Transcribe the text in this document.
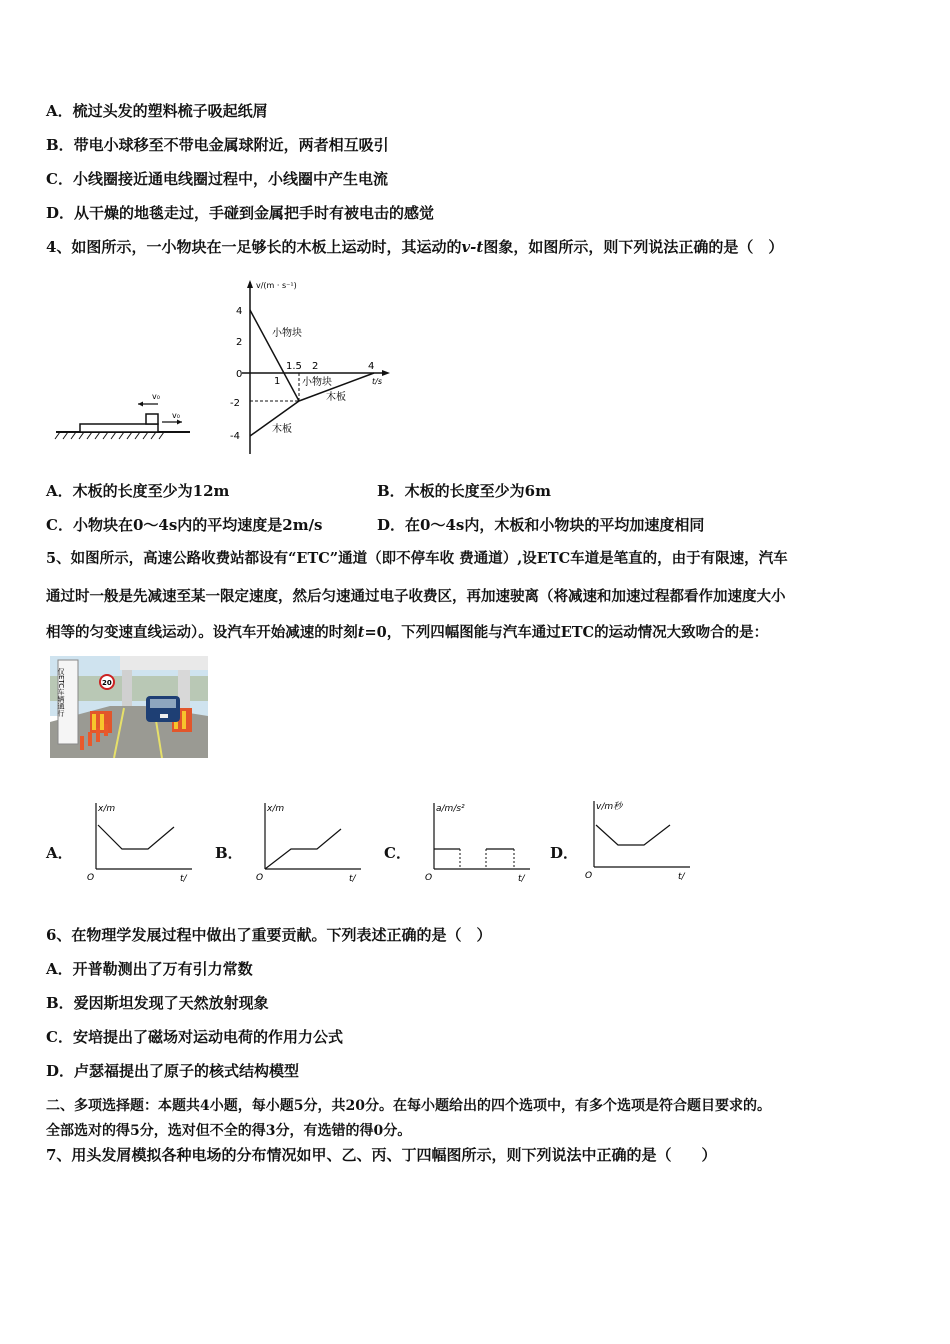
A．梳过头发的塑料梳子吸起纸屑
B．带电小球移至不带电金属球附近，两者相互吸引
C．小线圈接近通电线圈过程中，小线圈中产生电流
D．从干燥的地毯走过，手碰到金属把手时有被电击的感觉
4、如图所示，一小物块在一足够长的木板上运动时，其运动的v-t图象，如图所示，则下列说法正确的是（　）
v₀
v₀
v/(m · s⁻¹)
t/s
4
2
0
-2
-4
1.5 2	4
1
小物块
小物块
木板
木板
A．木板的长度至少为12m	B．木板的长度至少为6m
C．小物块在0～4s内的平均速度是2m/s	D．在0～4s内，木板和小物块的平均加速度相同
5、如图所示，高速公路收费站都设有“ETC”通道（即不停车收 费通道）,设ETC车道是笔直的，由于有限速，汽车
通过时一般是先减速至某一限定速度，然后匀速通过电子收费区，再加速驶离（将减速和加速过程都看作加速度大小
相等的匀变速直线运动）。设汽车开始减速的时刻t=0，下列四幅图能与汽车通过ETC的运动情况大致吻合的是：
仅ETC车辆通行	20
A．
x/m
O	t/
B．
x/m
O	t/
C．
a/m/s²
O	t/
D．
v/m秒
O	t/
6、在物理学发展过程中做出了重要贡献。下列表述正确的是（　）
A．开普勒测出了万有引力常数
B．爱因斯坦发现了天然放射现象
C．安培提出了磁场对运动电荷的作用力公式
D．卢瑟福提出了原子的核式结构模型
二、多项选择题：本题共4小题，每小题5分，共20分。在每小题给出的四个选项中，有多个选项是符合题目要求的。
全部选对的得5分，选对但不全的得3分，有选错的得0分。
7、用头发屑模拟各种电场的分布情况如甲、乙、丙、丁四幅图所示，则下列说法中正确的是（　　）
